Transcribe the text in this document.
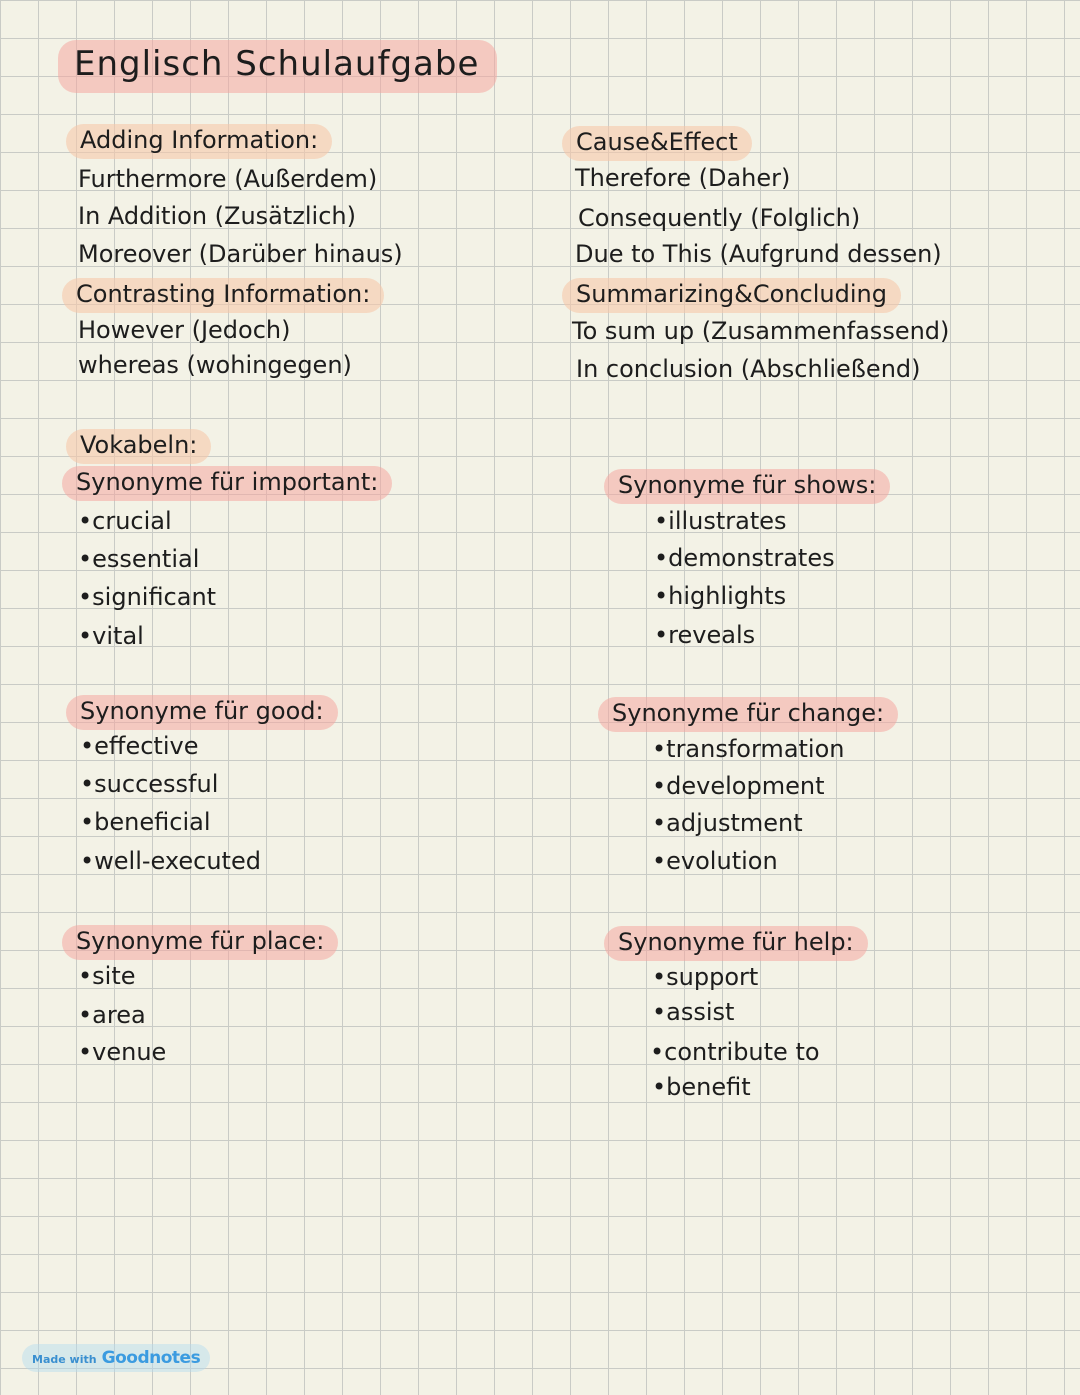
Englisch Schulaufgabe
Adding Information:
Furthermore (Außerdem)
In Addition (Zusätzlich)
Moreover (Darüber hinaus)
Contrasting Information:
However (Jedoch)
whereas (wohingegen)
Cause&Effect
Therefore (Daher)
Consequently (Folglich)
Due to This (Aufgrund dessen)
Summarizing&Concluding
To sum up (Zusammenfassend)
In conclusion (Abschließend)
Vokabeln:
Synonyme für important:
•crucial
•essential
•significant
•vital
Synonyme für shows:
•illustrates
•demonstrates
•highlights
•reveals
Synonyme für good:
•effective
•successful
•beneficial
•well-executed
Synonyme für change:
•transformation
•development
•adjustment
•evolution
Synonyme für place:
•site
•area
•venue
Synonyme für help:
•support
•assist
•contribute to
•benefit
Made with Goodnotes
